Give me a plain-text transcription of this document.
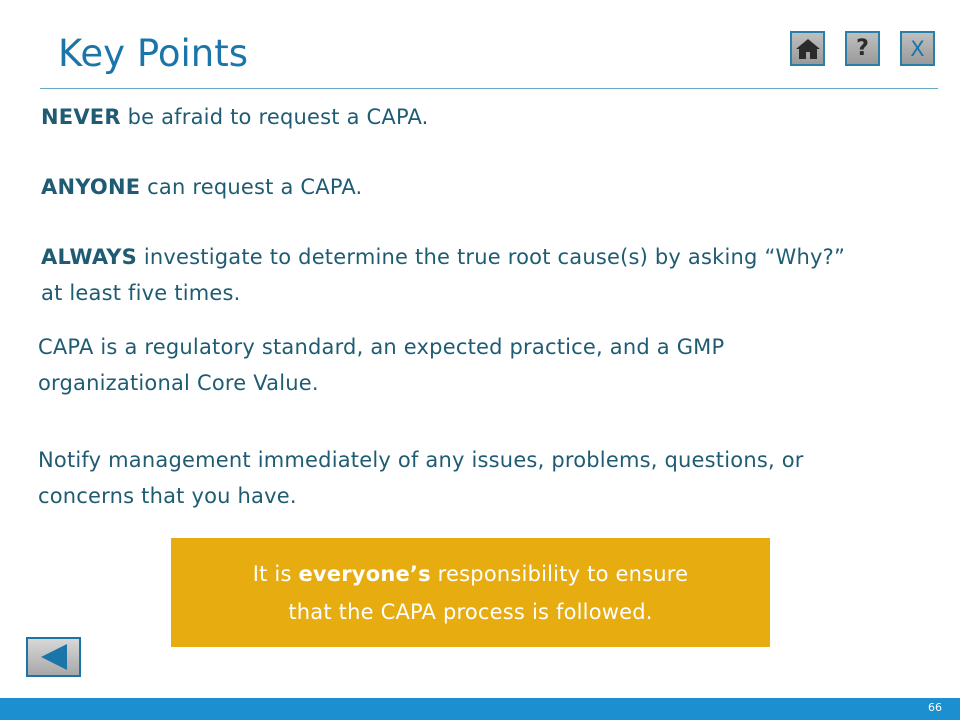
Key Points	? X
NEVER be afraid to request a CAPA.
ANYONE can request a CAPA.
ALWAYS investigate to determine the true root cause(s) by asking “Why?” at least five times.
CAPA is a regulatory standard, an expected practice, and a GMP organizational Core Value.
Notify management immediately of any issues, problems, questions, or concerns that you have.
It is everyone’s responsibility to ensure
that the CAPA process is followed.
66
